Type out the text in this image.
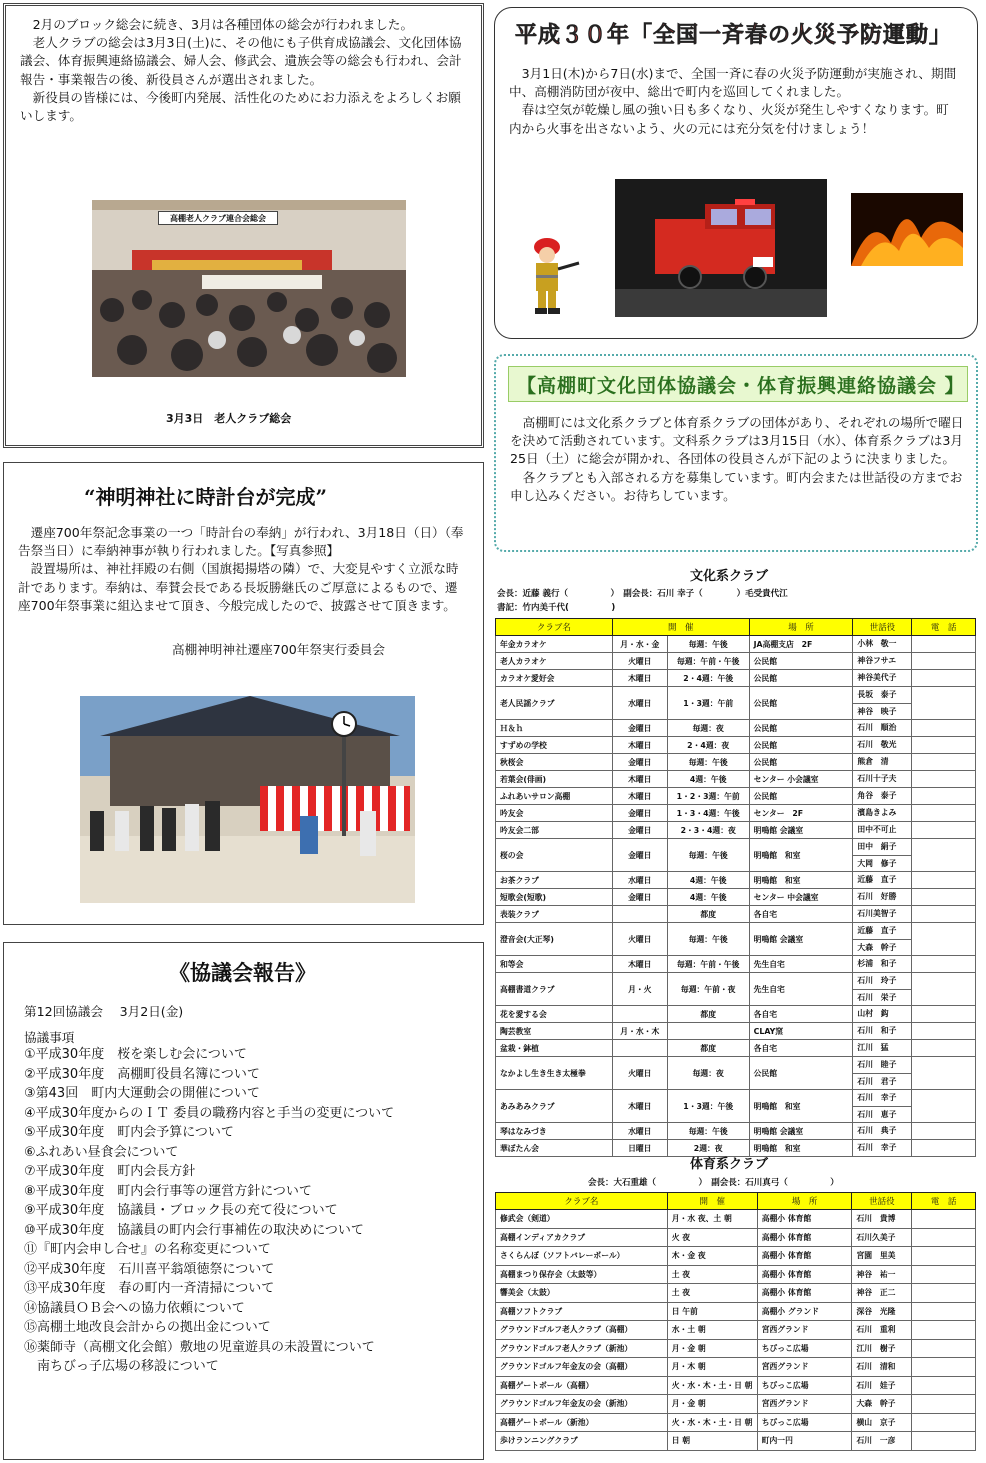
　2月のブロック総会に続き、3月は各種団体の総会が行われました。
　老人クラブの総会は3月3日(土)に、その他にも子供育成協議会、文化団体協議会、体育振興連絡協議会、婦人会、修武会、遺族会等の総会も行われ、会計報告・事業報告の後、新役員さんが選出されました。
　新役員の皆様には、今後町内発展、活性化のためにお力添えをよろしくお願いします。
高棚老人クラブ連合会総会
3月3日　老人クラブ総会
“神明神社に時計台が完成”
　遷座700年祭記念事業の一つ「時計台の奉納」が行われ、3月18日（日）（奉告祭当日）に奉納神事が執り行われました。【写真参照】
　設置場所は、神社拝殿の右側（国旗掲揚塔の隣）で、大変見やすく立派な時計であります。奉納は、奉賛会長である長坂勝継氏のご厚意によるもので、遷座700年祭事業に組込ませて頂き、今般完成したので、披露させて頂きます。
高棚神明神社遷座700年祭実行委員会
《協議会報告》
第12回協議会　 3月2日(金)
協議事項
①平成30年度　桜を楽しむ会について
②平成30年度　高棚町役員名簿について
③第43回　町内大運動会の開催について
④平成30年度からのＩＴ 委員の職務内容と手当の変更について
⑤平成30年度　町内会予算について
⑥ふれあい昼食会について
⑦平成30年度　町内会長方針
⑧平成30年度　町内会行事等の運営方針について
⑨平成30年度　協議員・ブロック長の充て役について
⑩平成30年度　協議員の町内会行事補佐の取決めについて
⑪『町内会申し合せ』の名称変更について
⑫平成30年度　石川喜平翁頌徳祭について
⑬平成30年度　春の町内一斉清掃について
⑭協議員ＯＢ会への協力依頼について
⑮高棚土地改良会計からの拠出金について
⑯薬師寺（高棚文化会館）敷地の児童遊具の未設置について
　南ちびっ子広場の移設について
平成３０年「全国一斉春の火災予防運動」
　3月1日(木)から7日(水)まで、全国一斉に春の火災予防運動が実施され、期間中、高棚消防団が夜中、総出で町内を巡回してくれました。
　春は空気が乾燥し風の強い日も多くなり、火災が発生しやすくなります。町内から火事を出さないよう、火の元には充分気を付けましょう！
【高棚町文化団体協議会・体育振興連絡協議会 】
　高棚町には文化系クラブと体育系クラブの団体があり、それぞれの場所で曜日を決めて活動されています。文科系クラブは3月15日（水）、体育系クラブは3月25日（土）に総会が開かれ、各団体の役員さんが下記のように決まりました。
　各クラブとも入部される方を募集しています。町内会または世話役の方までお申し込みください。お待ちしています。
文化系クラブ
会長：近藤 義行（　　　　　）　副会長：石川 幸子（　　　　）毛受貴代江
書記：竹内美千代(　　　　　)
クラブ名	開　催		場　所	世話役	電　話
年金カラオケ	月・水・金	毎週：午後	JA高棚支店　2F	小林　敬一	

老人カラオケ	火曜日	毎週：午前・午後	公民館	神谷フサエ	

カラオケ愛好会	木曜日	2・4週：午後	公民館	神谷美代子	

老人民謡クラブ	水曜日	1・3週：午前	公民館	長坂　泰子
神谷　映子	

Ｈ＆ｈ	金曜日	毎週：夜	公民館	石川　順治	

すずめの学校	木曜日	2・4週：夜	公民館	石川　敬光	

秋桜会	金曜日	毎週：午後	公民館	熊倉　清	

若葉会(俳画)	木曜日	4週：午後	センター 小会議室	石川十子夫	

ふれあいサロン高棚	木曜日	1・2・3週：午前	公民館	角谷　泰子	

吟友会	金曜日	1・3・4週：午後	センター　2F	濱島きよみ	

吟友会二部	金曜日	2・3・4週：夜	明鳴館 会議室	田中不可止	

桜の会	金曜日	毎週：午後	明鳴館　和室	田中　絹子
大岡　修子	

お茶クラブ	水曜日	4週：午後	明鳴館　和室	近藤　直子	

短歌会(短歌)	金曜日	4週：午後	センター 中会議室	石川　好勝	

表装クラブ		都度	各自宅	石川美智子	

澄音会(大正琴)	火曜日	毎週：午後	明鳴館 会議室	近藤　直子
大森　幹子	

和等会	木曜日	毎週：午前・午後	先生自宅	杉浦　和子	

高棚書道クラブ	月・火	毎週：午前・夜	先生自宅	石川　玲子
石川　栄子	

花を愛する会		都度	各自宅	山村　鈎	

陶芸教室	月・水・木		CLAY窯	石川　和子	

盆栽・鉢植		都度	各自宅	江川　猛	

なかよし生き生き太極拳	火曜日	毎週：夜	公民館	石川　睦子
石川　君子	

あみあみクラブ	木曜日	1・3週：午後	明鳴館　和室	石川　幸子
石川　恵子	

琴はなみづき	水曜日	毎週：午後	明鳴館 会議室	石川　典子	

華ぼたん会	日曜日	2週：夜	明鳴館　和室	石川　幸子	

体育系クラブ
会長：大石重雄（　　　　　）　副会長：石川真弓（　　　　　）
クラブ名	開　催	場　所	世話役	電　話
修武会（剣道）	月・水 夜、土 朝	高棚小 体育館	石川　貴博	
高棚インディアカクラブ	火 夜	高棚小 体育館	石川久美子	
さくらんぼ（ソフトバレーボール）	木・金 夜	高棚小 体育館	宮園　里美	
高棚まつり保存会（太鼓等）	土 夜	高棚小 体育館	神谷　祐一	
響美会（太鼓）	土 夜	高棚小 体育館	神谷　正二	
高棚ソフトクラブ	日 午前	高棚小 グランド	深谷　光隆	
グラウンドゴルフ老人クラブ（高棚）	水・土 朝	宮西グランド	石川　重利	
グラウンドゴルフ老人クラブ（新池）	月・金 朝	ちびっこ広場	江川　樹子	
グラウンドゴルフ年金友の会（高棚）	月・木 朝	宮西グランド	石川　清和	
高棚ゲートボール（高棚）	火・水・木・土・日 朝	ちびっこ広場	石川　娃子	
グラウンドゴルフ年金友の会（新池）	月・金 朝	宮西グランド	大森　幹子	
高棚ゲートボール（新池）	火・水・木・土・日 朝	ちびっこ広場	横山　京子	
歩けランニングクラブ	日 朝	町内一円	石川　一彦	
